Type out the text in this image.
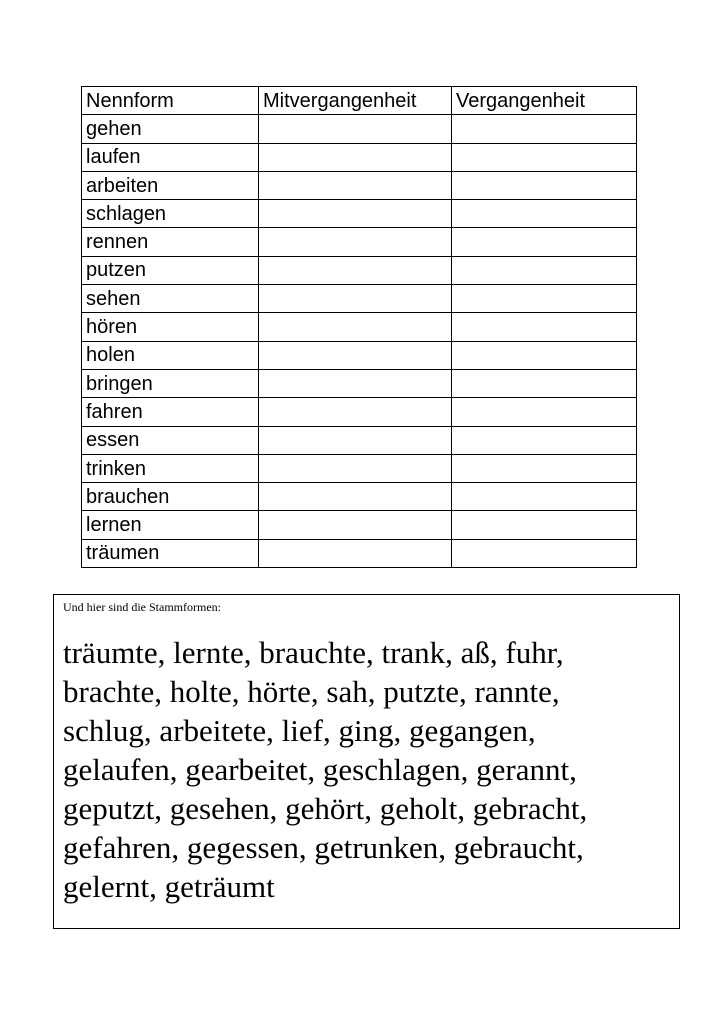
Nennform	Mitvergangenheit	Vergangenheit
gehen		
laufen		
arbeiten		
schlagen		
rennen		
putzen		
sehen		
hören		
holen		
bringen		
fahren		
essen		
trinken		
brauchen		
lernen		
träumen		
Und hier sind die Stammformen:
träumte, lernte, brauchte, trank, aß, fuhr,
brachte, holte, hörte, sah, putzte, rannte,
schlug, arbeitete, lief, ging, gegangen,
gelaufen, gearbeitet, geschlagen, gerannt,
geputzt, gesehen, gehört, geholt, gebracht,
gefahren, gegessen, getrunken, gebraucht,
gelernt, geträumt
